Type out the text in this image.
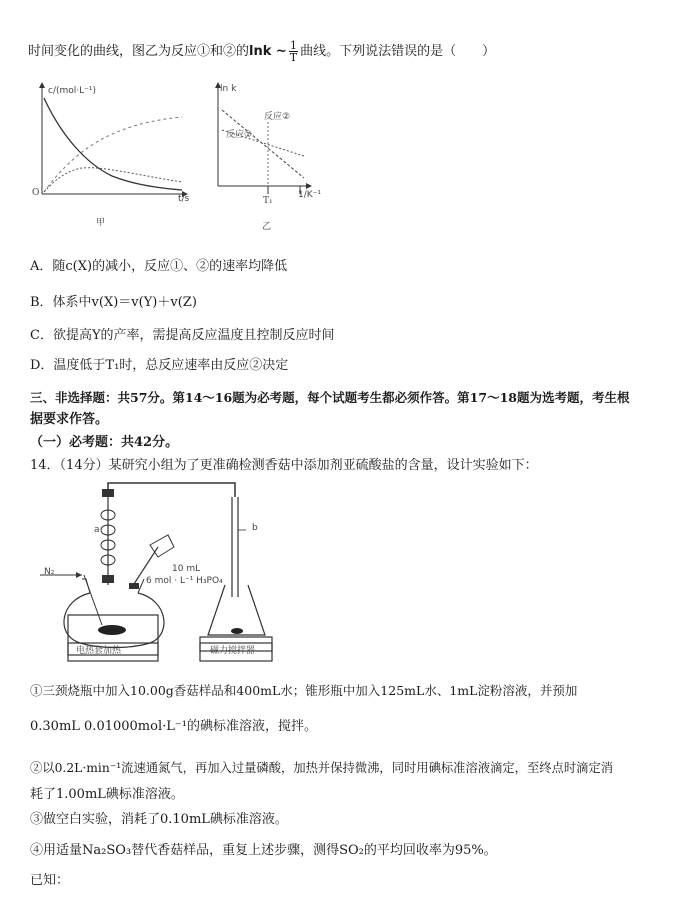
时间变化的曲线，图乙为反应①和②的lnk ~ $\frac{1}{T}$ 曲线。下列说法错误的是（　　）
c/(mol·L⁻¹)
O
t/s
甲
ln k
反应②
反应①
T₁
1/K⁻¹
乙
A．随c(X)的减小，反应①、②的速率均降低
B．体系中v(X)＝v(Y)＋v(Z)
C．欲提高Y的产率，需提高反应温度且控制反应时间
D．温度低于T₁时，总反应速率由反应②决定
三、非选择题：共57分。第14～16题为必考题，每个试题考生都必须作答。第17～18题为选考题，考生根
据要求作答。
（一）必考题：共42分。
14．（14分）某研究小组为了更准确检测香菇中添加剂亚硫酸盐的含量，设计实验如下：
b
a
10 mL
6 mol · L⁻¹ H₃PO₄
N₂
电热套加热	磁力搅拌器
①三颈烧瓶中加入10.00g香菇样品和400mL水；锥形瓶中加入125mL水、1mL淀粉溶液，并预加
0.30mL 0.01000mol·L⁻¹的碘标准溶液，搅拌。
②以0.2L·min⁻¹流速通氮气，再加入过量磷酸，加热并保持微沸，同时用碘标准溶液滴定，至终点时滴定消
耗了1.00mL碘标准溶液。
③做空白实验，消耗了0.10mL碘标准溶液。
④用适量Na₂SO₃替代香菇样品，重复上述步骤，测得SO₂的平均回收率为95%。
已知：
